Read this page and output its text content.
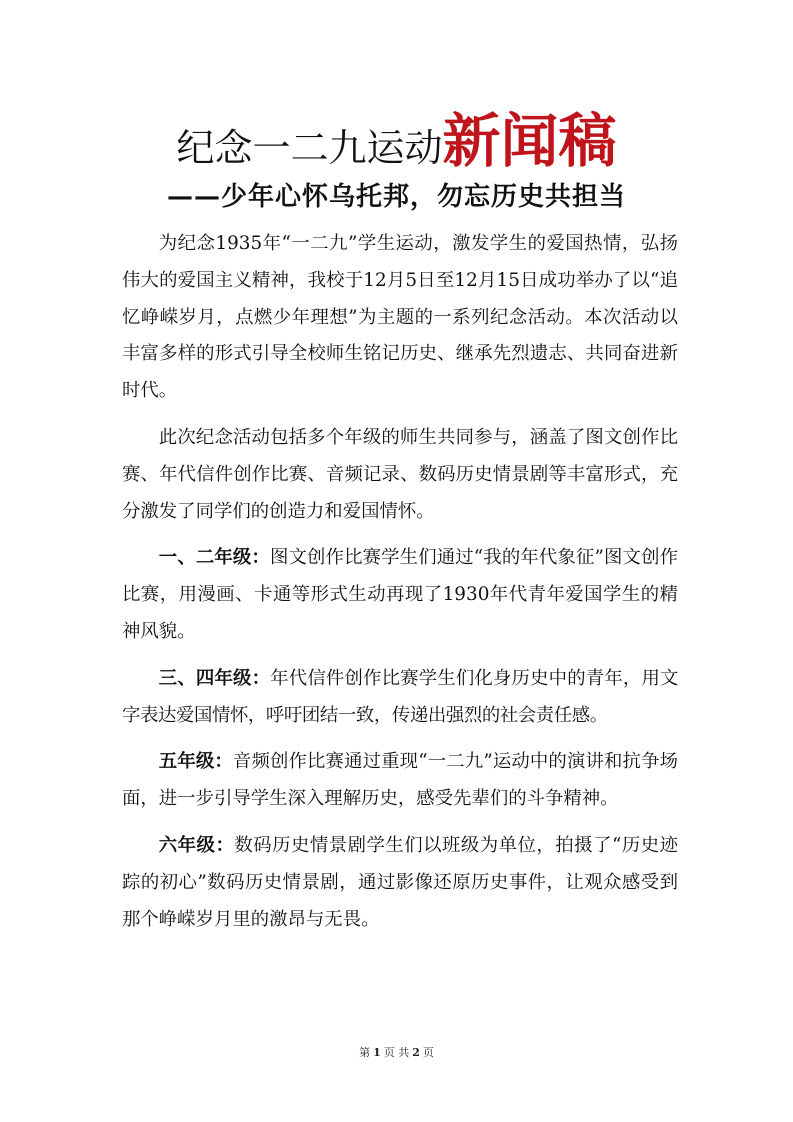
纪念一二九运动新闻稿
——少年心怀乌托邦，勿忘历史共担当

为纪念1935年“一二九”学生运动，激发学生的爱国热情，弘扬伟大的爱国主义精神，我校于12月5日至12月15日成功举办了以“追忆峥嵘岁月，点燃少年理想”为主题的一系列纪念活动。本次活动以丰富多样的形式引导全校师生铭记历史、继承先烈遗志、共同奋进新时代。

此次纪念活动包括多个年级的师生共同参与，涵盖了图文创作比赛、年代信件创作比赛、音频记录、数码历史情景剧等丰富形式，充分激发了同学们的创造力和爱国情怀。

一、二年级：图文创作比赛学生们通过“我的年代象征”图文创作比赛，用漫画、卡通等形式生动再现了1930年代青年爱国学生的精神风貌。

三、四年级：年代信件创作比赛学生们化身历史中的青年，用文字表达爱国情怀，呼吁团结一致，传递出强烈的社会责任感。

五年级：音频创作比赛通过重现“一二九”运动中的演讲和抗争场面，进一步引导学生深入理解历史，感受先辈们的斗争精神。

六年级：数码历史情景剧学生们以班级为单位，拍摄了“历史迹踪的初心”数码历史情景剧，通过影像还原历史事件，让观众感受到那个峥嵘岁月里的激昂与无畏。

第 1 页 共 2 页
